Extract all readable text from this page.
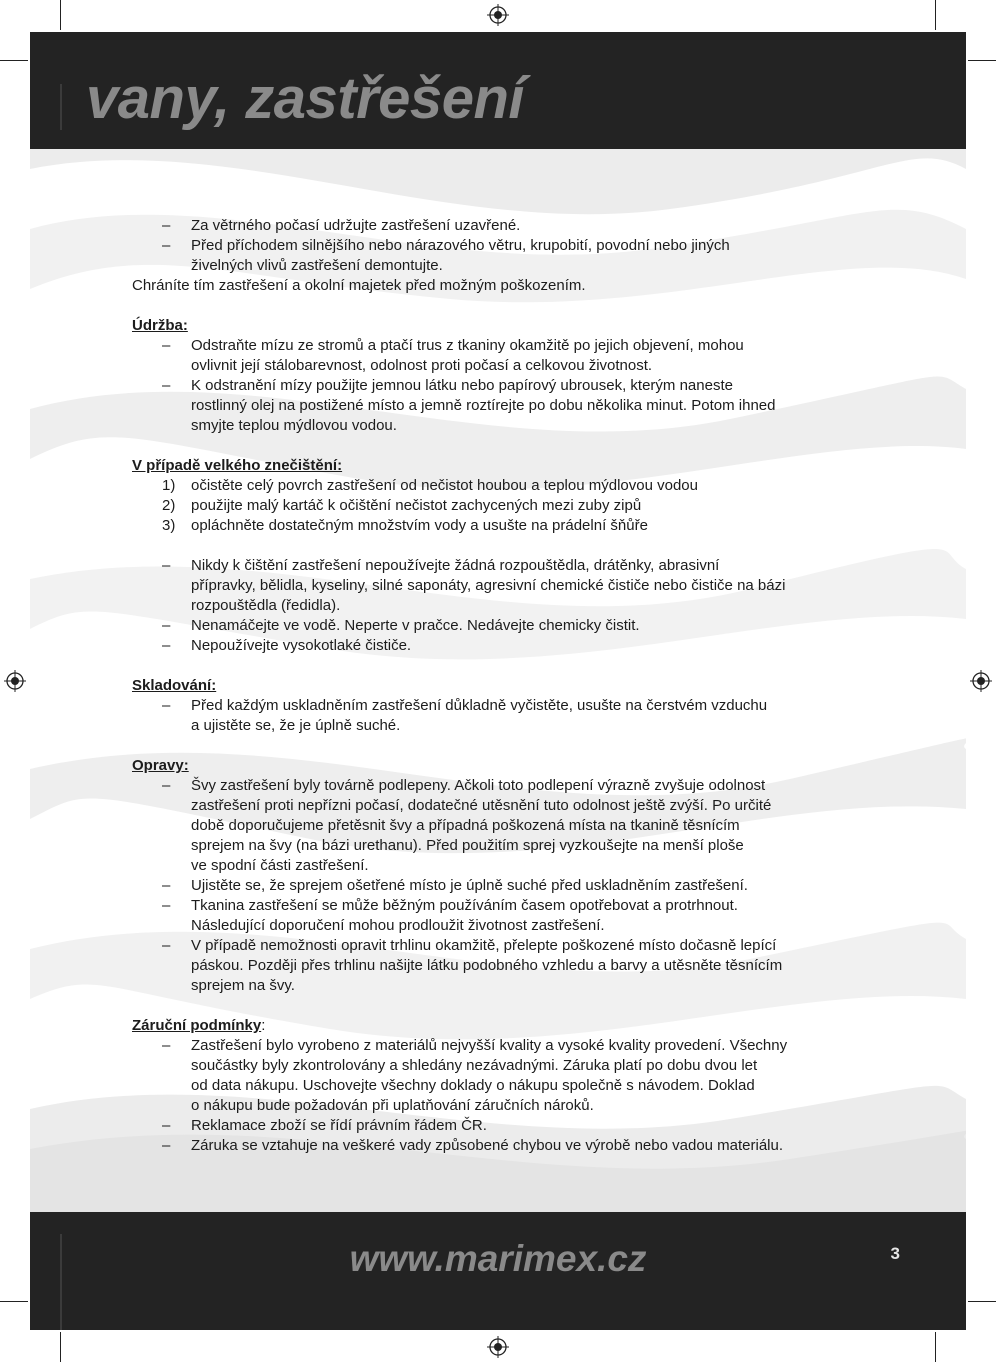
vany, zastřešení
www.marimex.cz	3
– Za větrného počasí udržujte zastřešení uzavřené.
– Před příchodem silnějšího nebo nárazového větru, krupobití, povodní nebo jiných
živelných vlivů zastřešení demontujte.
Chráníte tím zastřešení a okolní majetek před možným poškozením.
Údržba:
– Odstraňte mízu ze stromů a ptačí trus z tkaniny okamžitě po jejich objevení, mohou
ovlivnit její stálobarevnost, odolnost proti počasí a celkovou životnost.
– K odstranění mízy použijte jemnou látku nebo papírový ubrousek, kterým naneste
rostlinný olej na postižené místo a jemně roztírejte po dobu několika minut. Potom ihned
smyjte teplou mýdlovou vodou.
V případě velkého znečištění:
1) očistěte celý povrch zastřešení od nečistot houbou a teplou mýdlovou vodou
2) použijte malý kartáč k očištění nečistot zachycených mezi zuby zipů
3) opláchněte dostatečným množstvím vody a usušte na prádelní šňůře
– Nikdy k čištění zastřešení nepoužívejte žádná rozpouštědla, drátěnky, abrasivní
přípravky, bělidla, kyseliny, silné saponáty, agresivní chemické čističe nebo čističe na bázi
rozpouštědla (ředidla).
– Nenamáčejte ve vodě. Neperte v pračce. Nedávejte chemicky čistit.
– Nepoužívejte vysokotlaké čističe.
Skladování:
– Před každým uskladněním zastřešení důkladně vyčistěte, usušte na čerstvém vzduchu
a ujistěte se, že je úplně suché.
Opravy:
– Švy zastřešení byly továrně podlepeny. Ačkoli toto podlepení výrazně zvyšuje odolnost
zastřešení proti nepřízni počasí, dodatečné utěsnění tuto odolnost ještě zvýší. Po určité
době doporučujeme přetěsnit švy a případná poškozená místa na tkanině těsnícím
sprejem na švy (na bázi urethanu). Před použitím sprej vyzkoušejte na menší ploše
ve spodní části zastřešení.
– Ujistěte se, že sprejem ošetřené místo je úplně suché před uskladněním zastřešení.
– Tkanina zastřešení se může běžným používáním časem opotřebovat a protrhnout.
Následující doporučení mohou prodloužit životnost zastřešení.
– V případě nemožnosti opravit trhlinu okamžitě, přelepte poškozené místo dočasně lepící
páskou. Později přes trhlinu našijte látku podobného vzhledu a barvy a utěsněte těsnícím
sprejem na švy.
Záruční podmínky:
– Zastřešení bylo vyrobeno z materiálů nejvyšší kvality a vysoké kvality provedení. Všechny
součástky byly zkontrolovány a shledány nezávadnými. Záruka platí po dobu dvou let
od data nákupu. Uschovejte všechny doklady o nákupu společně s návodem. Doklad
o nákupu bude požadován při uplatňování záručních nároků.
– Reklamace zboží se řídí právním řádem ČR.
– Záruka se vztahuje na veškeré vady způsobené chybou ve výrobě nebo vadou materiálu.
